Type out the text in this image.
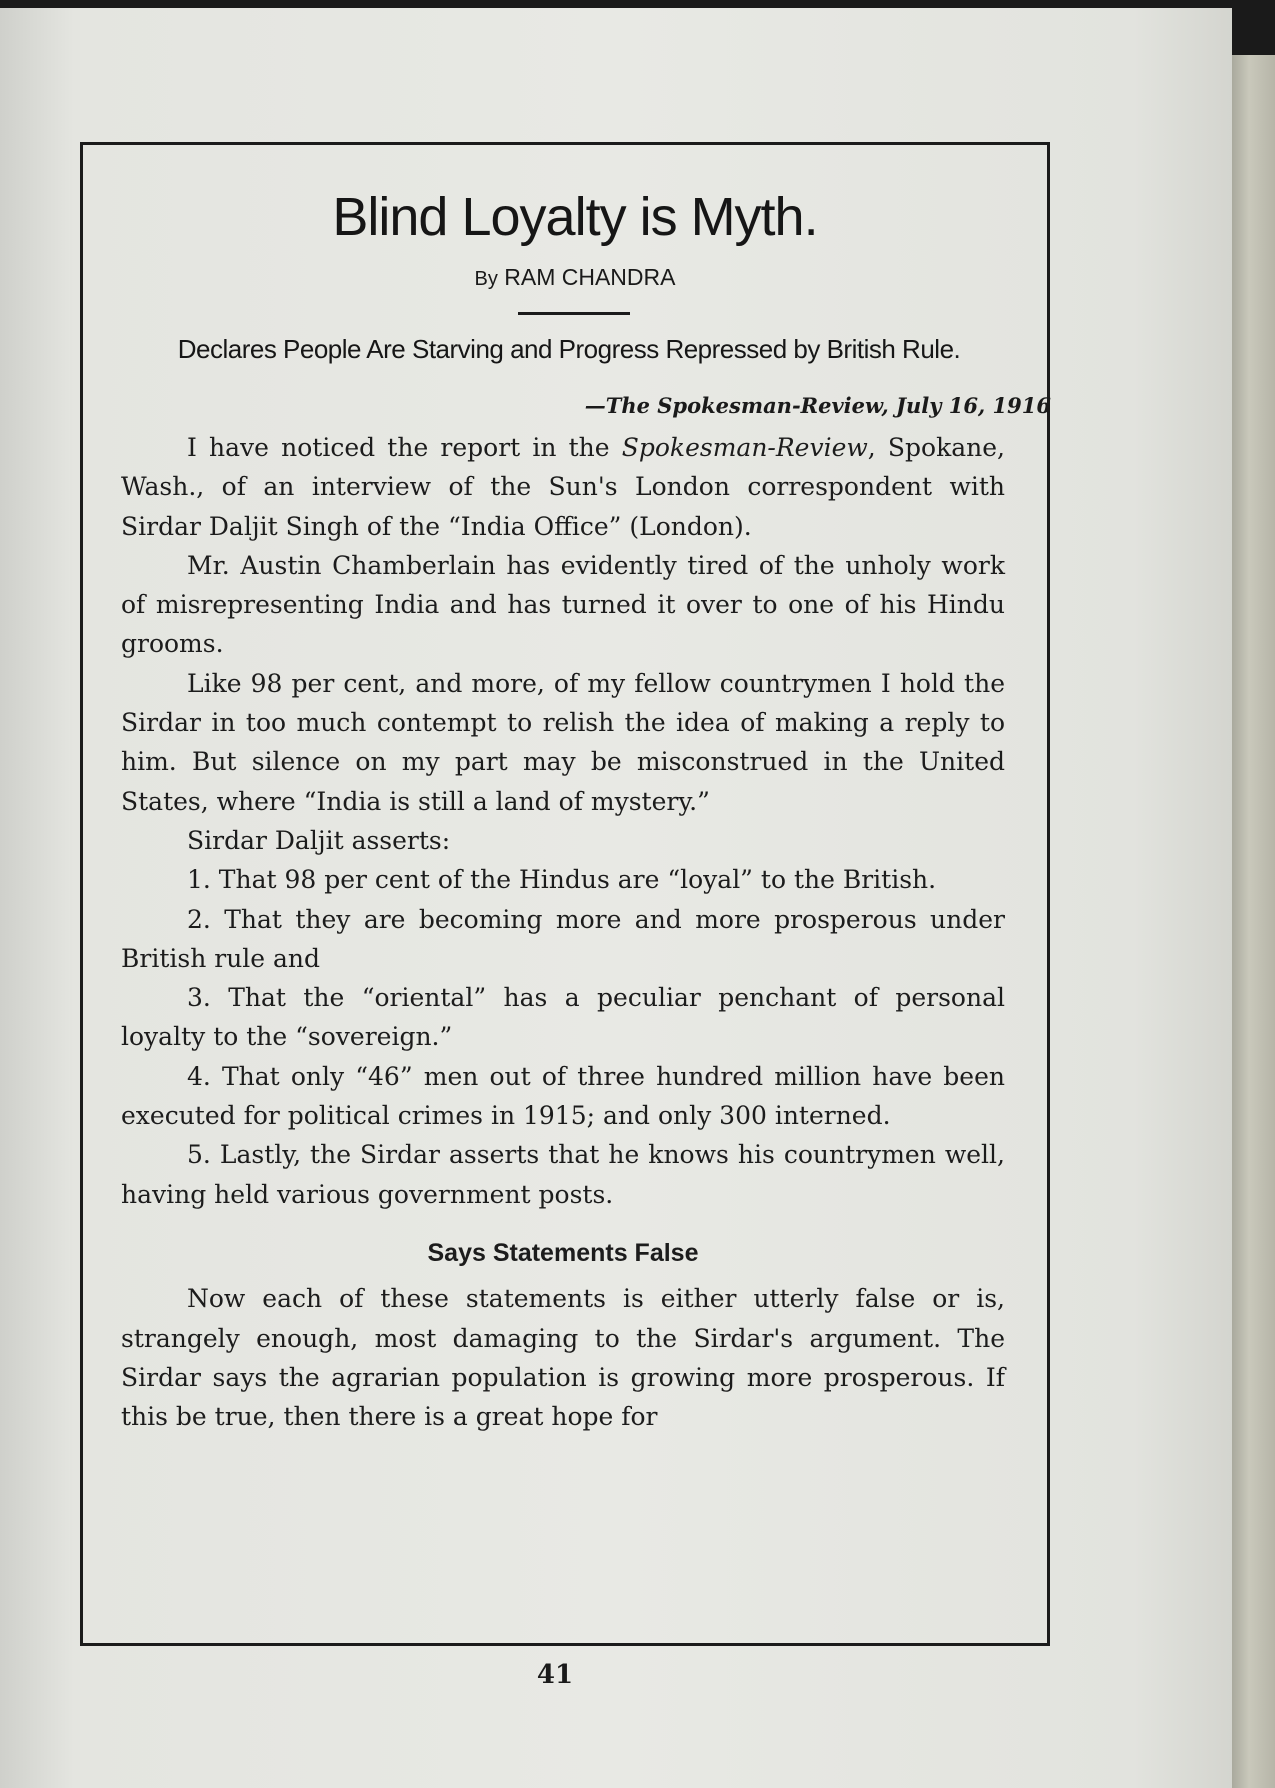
Blind Loyalty is Myth.
By RAM CHANDRA
Declares People Are Starving and Progress Repressed by British Rule.
—The Spokesman-Review, July 16, 1916

I have noticed the report in the Spokesman-Review, Spokane, Wash., of an interview of the Sun's London correspondent with Sirdar Daljit Singh of the “India Office” (London).

Mr. Austin Chamberlain has evidently tired of the unholy work of misrepresenting India and has turned it over to one of his Hindu grooms.

Like 98 per cent, and more, of my fellow countrymen I hold the Sirdar in too much contempt to relish the idea of making a reply to him. But silence on my part may be misconstrued in the United States, where “India is still a land of mystery.”

Sirdar Daljit asserts:

1. That 98 per cent of the Hindus are “loyal” to the British.

2. That they are becoming more and more prosperous under British rule and

3. That the “oriental” has a peculiar penchant of personal loyalty to the “sovereign.”

4. That only “46” men out of three hundred million have been executed for political crimes in 1915; and only 300 interned.

5. Lastly, the Sirdar asserts that he knows his countrymen well, having held various government posts.

Says Statements False

Now each of these statements is either utterly false or is, strangely enough, most damaging to the Sirdar's argument. The Sirdar says the agrarian population is growing more prosperous. If this be true, then there is a great hope for

41
